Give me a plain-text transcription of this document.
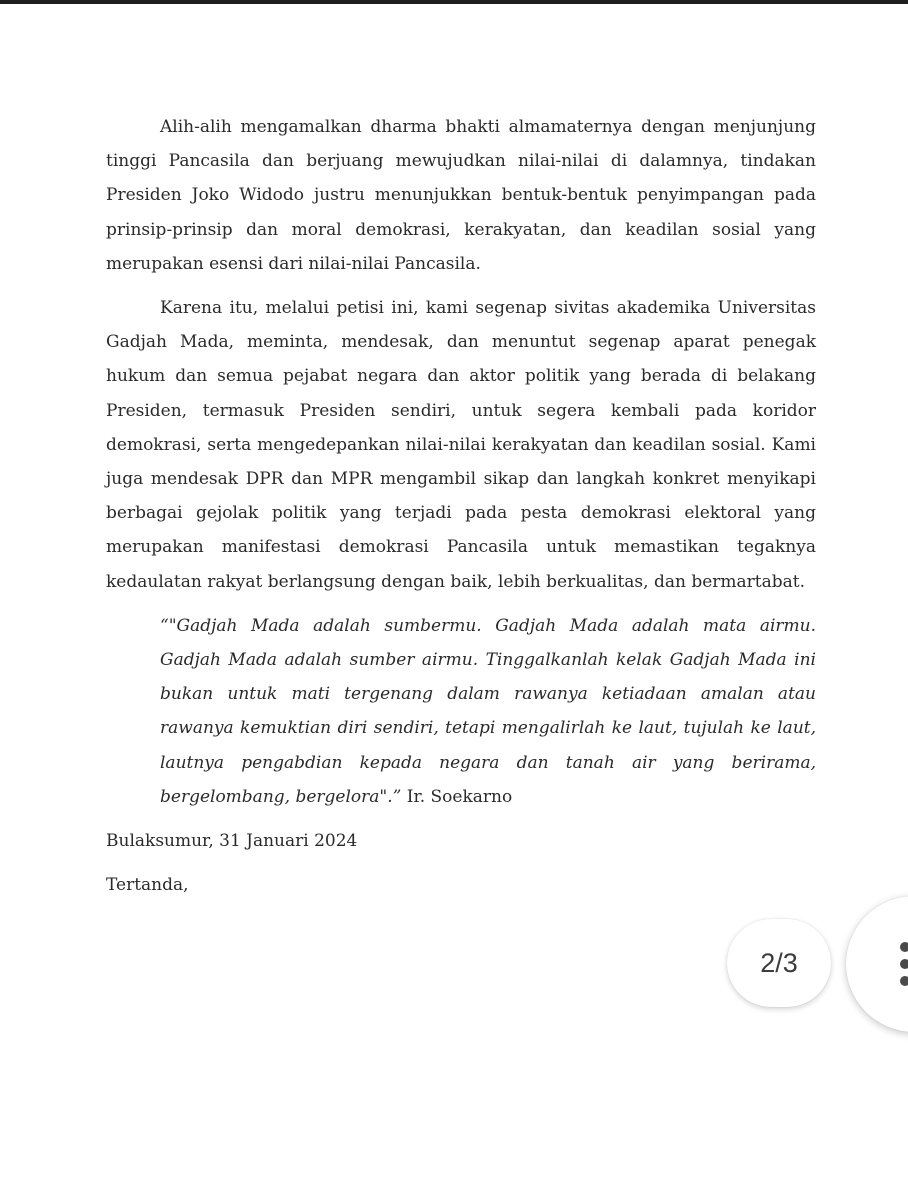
Alih-alih mengamalkan dharma bhakti almamaternya dengan menjunjung tinggi Pancasila dan berjuang mewujudkan nilai-nilai di dalamnya, tindakan Presiden Joko Widodo justru menunjukkan bentuk-bentuk penyimpangan pada prinsip-prinsip dan moral demokrasi, kerakyatan, dan keadilan sosial yang merupakan esensi dari nilai-nilai Pancasila.

Karena itu, melalui petisi ini, kami segenap sivitas akademika Universitas Gadjah Mada, meminta, mendesak, dan menuntut segenap aparat penegak hukum dan semua pejabat negara dan aktor politik yang berada di belakang Presiden, termasuk Presiden sendiri, untuk segera kembali pada koridor demokrasi, serta mengedepankan nilai-nilai kerakyatan dan keadilan sosial. Kami juga mendesak DPR dan MPR mengambil sikap dan langkah konkret menyikapi berbagai gejolak politik yang terjadi pada pesta demokrasi elektoral yang merupakan manifestasi demokrasi Pancasila untuk memastikan tegaknya kedaulatan rakyat berlangsung dengan baik, lebih berkualitas, dan bermartabat.

“"Gadjah Mada adalah sumbermu. Gadjah Mada adalah mata airmu. Gadjah Mada adalah sumber airmu. Tinggalkanlah kelak Gadjah Mada ini bukan untuk mati tergenang dalam rawanya ketiadaan amalan atau rawanya kemuktian diri sendiri, tetapi mengalirlah ke laut, tujulah ke laut, lautnya pengabdian kepada negara dan tanah air yang berirama, bergelombang, bergelora".” Ir. Soekarno

Bulaksumur, 31 Januari 2024

Tertanda,

2/3
